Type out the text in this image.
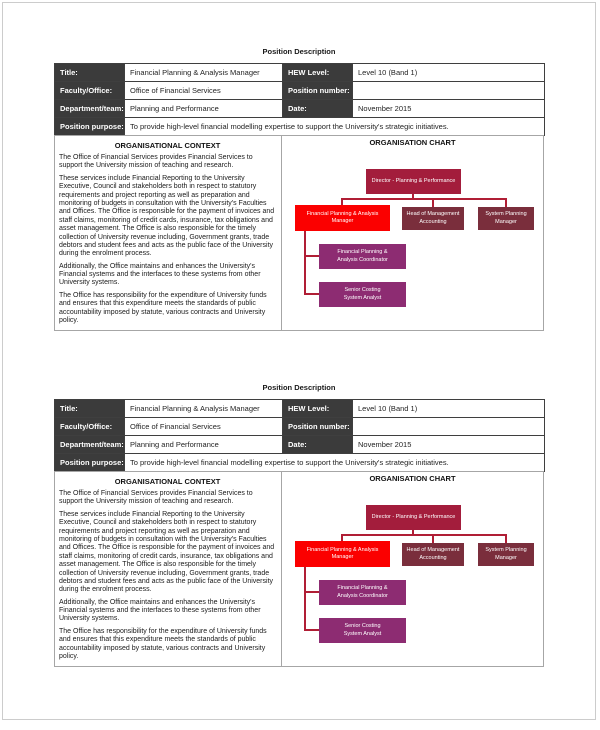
Position Description
Title:	Financial Planning & Analysis Manager	HEW Level:	Level 10 (Band 1)
Faculty/Office:	Office of Financial Services	Position number:	
Department/team:	Planning and Performance	Date:	November 2015
Position purpose:	To provide high-level financial modelling expertise to support the University's strategic initiatives.		
ORGANISATIONAL CONTEXT

The Office of Financial Services provides Financial Services to support the University mission of teaching and research.

These services include Financial Reporting to the University Executive, Council and stakeholders both in respect to statutory requirements and project reporting as well as preparation and monitoring of budgets in consultation with the University's Faculties and Offices. The Office is responsible for the payment of invoices and staff claims, monitoring of credit cards, insurance, tax obligations and asset management. The Office is also responsible for the timely collection of University revenue including, Government grants, trade debtors and student fees and acts as the public face of the University during the enrolment process.

Additionally, the Office maintains and enhances the University's Financial systems and the interfaces to these systems from other University systems.

The Office has responsibility for the expenditure of University funds and ensures that this expenditure meets the standards of public accountability imposed by statute, various contracts and University policy.

ORGANISATION CHART
Director - Planning & Performance
Financial Planning & Analysis Manager
Head of Management Accounting
System Planning Manager
Financial Planning & Analysis Coordinator
Senior Costing System Analyst
Position Description
Title:	Financial Planning & Analysis Manager	HEW Level:	Level 10 (Band 1)
Faculty/Office:	Office of Financial Services	Position number:	
Department/team:	Planning and Performance	Date:	November 2015
Position purpose:	To provide high-level financial modelling expertise to support the University's strategic initiatives.		
ORGANISATIONAL CONTEXT

The Office of Financial Services provides Financial Services to support the University mission of teaching and research.

These services include Financial Reporting to the University Executive, Council and stakeholders both in respect to statutory requirements and project reporting as well as preparation and monitoring of budgets in consultation with the University's Faculties and Offices. The Office is responsible for the payment of invoices and staff claims, monitoring of credit cards, insurance, tax obligations and asset management. The Office is also responsible for the timely collection of University revenue including, Government grants, trade debtors and student fees and acts as the public face of the University during the enrolment process.

Additionally, the Office maintains and enhances the University's Financial systems and the interfaces to these systems from other University systems.

The Office has responsibility for the expenditure of University funds and ensures that this expenditure meets the standards of public accountability imposed by statute, various contracts and University policy.

ORGANISATION CHART
Director - Planning & Performance
Financial Planning & Analysis Manager
Head of Management Accounting
System Planning Manager
Financial Planning & Analysis Coordinator
Senior Costing System Analyst
